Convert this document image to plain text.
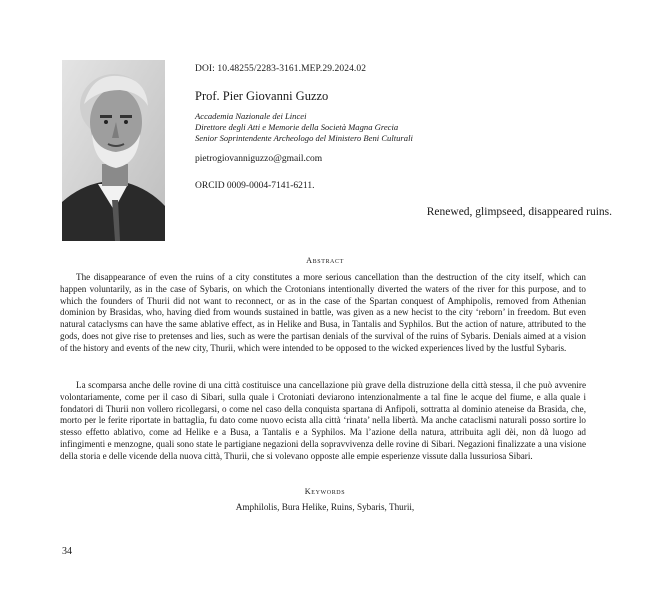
DOI: 10.48255/2283-3161.MEP.29.2024.02
Prof. Pier Giovanni Guzzo
Accademia Nazionale dei Lincei
Direttore degli Atti e Memorie della Società Magna Grecia
Senior Soprintendente Archeologo del Ministero Beni Culturali
pietrogiovanniguzzo@gmail.com
ORCID 0009-0004-7141-6211.
Renewed, glimpseed, disappeared ruins.
Abstract

The disappearance of even the ruins of a city constitutes a more serious cancellation than the destruction of the city itself, which can happen voluntarily, as in the case of Sybaris, on which the Crotonians intentionally diverted the waters of the river for this purpose, and to which the founders of Thurii did not want to reconnect, or as in the case of the Spartan conquest of Amphipolis, removed from Athenian dominion by Brasidas, who, having died from wounds sustained in battle, was given as a new hecist to the city ‘reborn’ in freedom. But even natural cataclysms can have the same ablative effect, as in Helike and Busa, in Tantalis and Syphilos. But the action of nature, attributed to the gods, does not give rise to pretenses and lies, such as were the partisan denials of the survival of the ruins of Sybaris. Denials aimed at a vision of the history and events of the new city, Thurii, which were intended to be opposed to the wicked experiences lived by the lustful Sybaris.

La scomparsa anche delle rovine di una città costituisce una cancellazione più grave della distruzione della città stessa, il che può avvenire volontariamente, come per il caso di Sibari, sulla quale i Crotoniati deviarono intenzionalmente a tal fine le acque del fiume, e alla quale i fondatori di Thurii non vollero ricollegarsi, o come nel caso della conquista spartana di Anfipoli, sottratta al dominio ateneise da Brasida, che, morto per le ferite riportate in battaglia, fu dato come nuovo ecista alla città ‘rinata’ nella libertà. Ma anche cataclismi naturali posso sortire lo stesso effetto ablativo, come ad Helike e a Busa, a Tantalis e a Syphilos. Ma l’azione della natura, attribuita agli dèi, non dà luogo ad infingimenti e menzogne, quali sono state le partigiane negazioni della sopravvivenza delle rovine di Sibari. Negazioni finalizzate a una visione della storia e delle vicende della nuova città, Thurii, che si volevano opposte alle empie esperienze vissute dalla lussuriosa Sibari.

Keywords
Amphilolis, Bura Helike, Ruins, Sybaris, Thurii,
34
